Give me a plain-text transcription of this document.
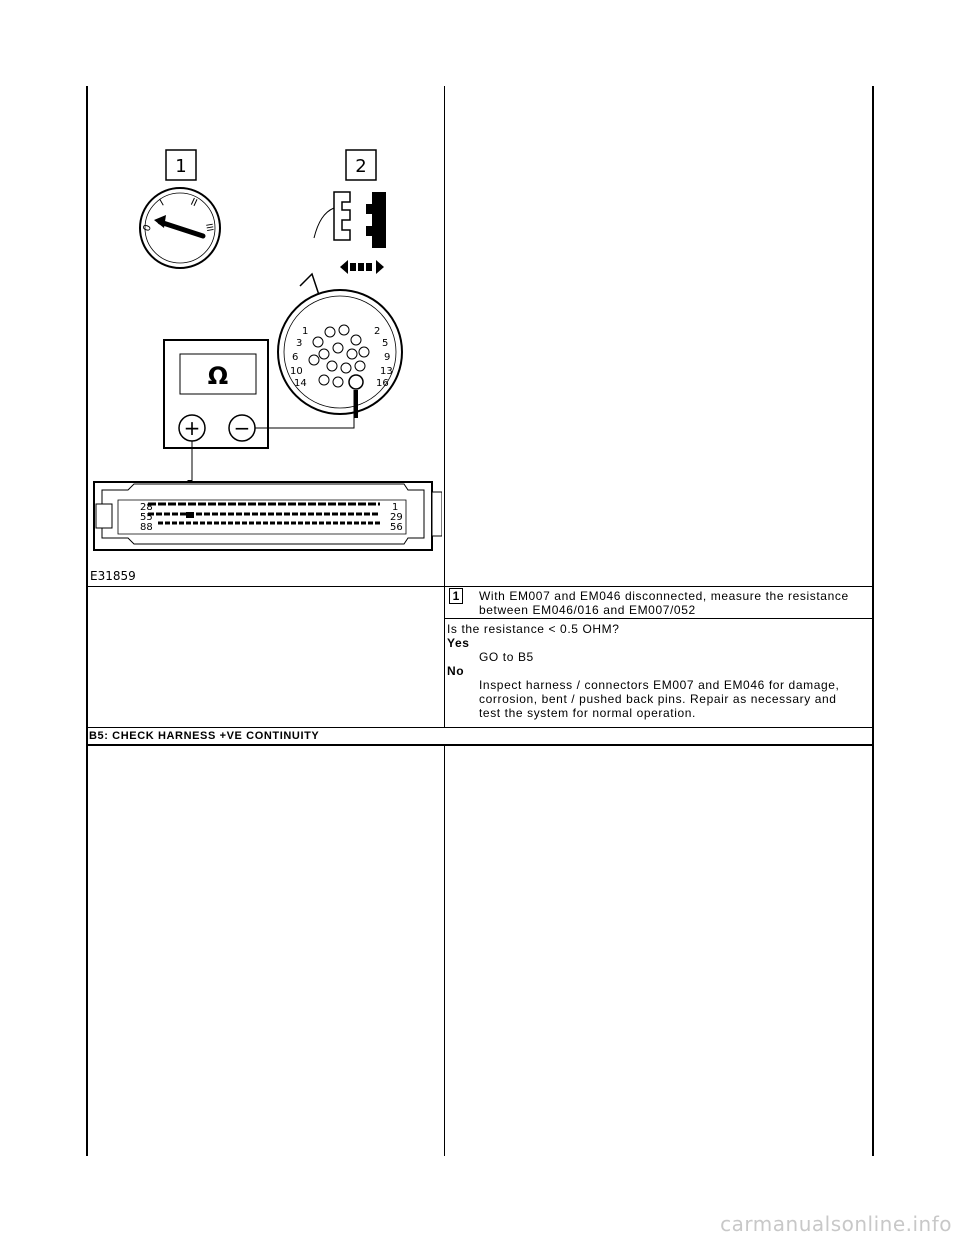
1
0
I II
III
2
1	2
3	5
6	9
10	13
14	16
Ω
+ −
28
55
88
1
29
56
E31859
1	With EM007 and EM046 disconnected, measure the resistance
between EM046/016 and EM007/052
Is the resistance < 0.5 OHM?
Yes
GO to B5
No
Inspect harness / connectors EM007 and EM046 for damage,
corrosion, bent / pushed back pins. Repair as necessary and
test the system for normal operation.
B5: CHECK HARNESS +VE CONTINUITY
carmanualsonline.info
